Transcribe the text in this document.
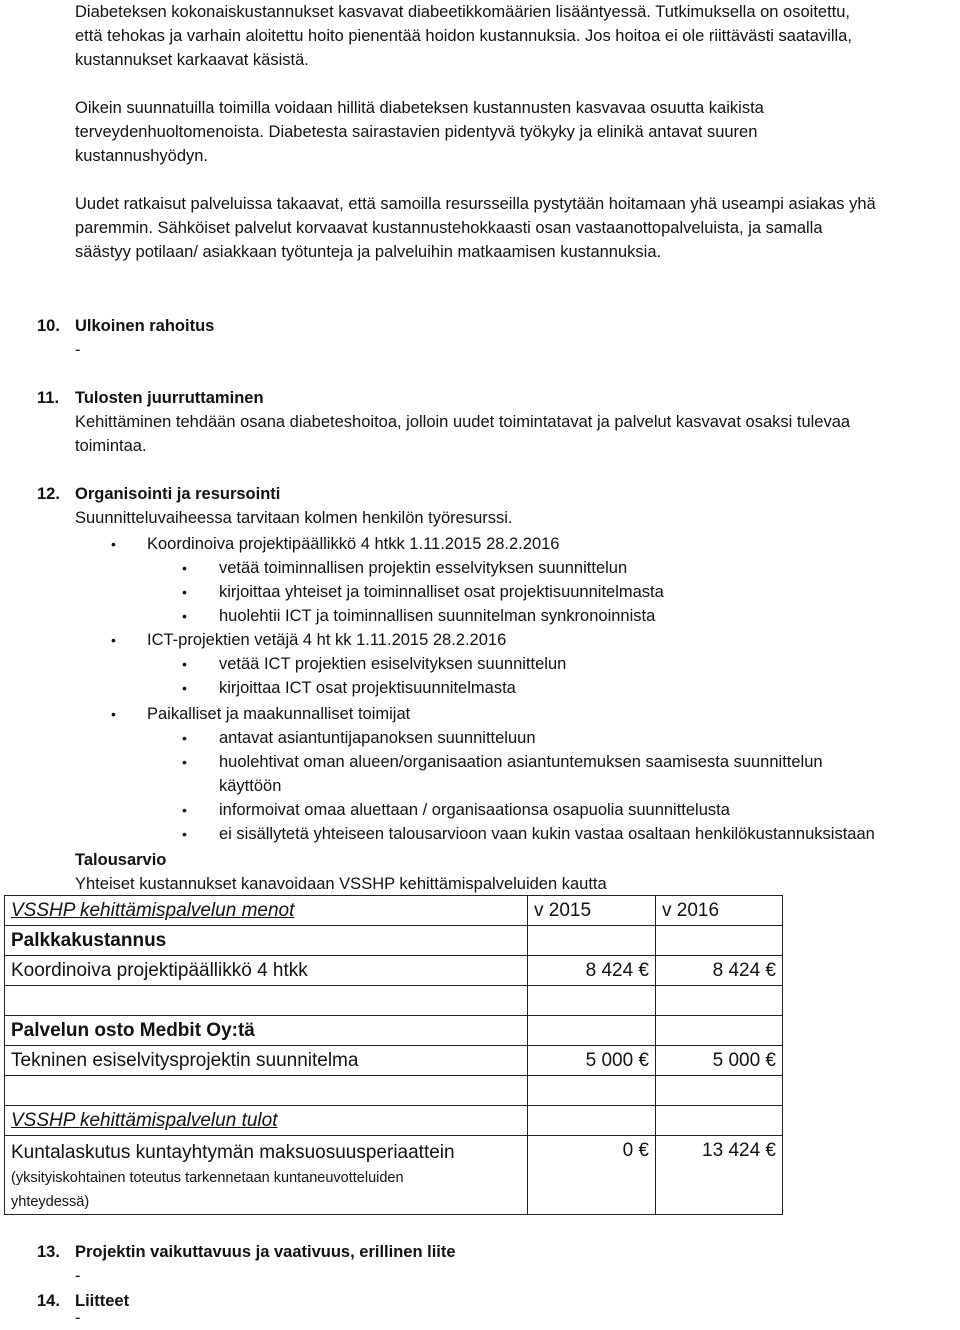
Diabeteksen kokonaiskustannukset kasvavat diabeetikkomäärien lisääntyessä. Tutkimuksella on osoitettu,
että tehokas ja varhain aloitettu hoito pienentää hoidon kustannuksia. Jos hoitoa ei ole riittävästi saatavilla,
kustannukset karkaavat käsistä.
Oikein suunnatuilla toimilla voidaan hillitä diabeteksen kustannusten kasvavaa osuutta kaikista
terveydenhuoltomenoista. Diabetesta sairastavien pidentyvä työkyky ja elinikä antavat suuren
kustannushyödyn.
Uudet ratkaisut palveluissa takaavat, että samoilla resursseilla pystytään hoitamaan yhä useampi asiakas yhä
paremmin. Sähköiset palvelut korvaavat kustannustehokkaasti osan vastaanottopalveluista, ja samalla
säästyy potilaan/ asiakkaan työtunteja ja palveluihin matkaamisen kustannuksia.
10. Ulkoinen rahoitus
-
11. Tulosten juurruttaminen
Kehittäminen tehdään osana diabeteshoitoa, jolloin uudet toimintatavat ja palvelut kasvavat osaksi tulevaa
toimintaa.
12. Organisointi ja resursointi
Suunnitteluvaiheessa tarvitaan kolmen henkilön työresurssi.
• Koordinoiva projektipäällikkö 4 htkk 1.11.2015 28.2.2016
• vetää toiminnallisen projektin esselvityksen suunnittelun
• kirjoittaa yhteiset ja toiminnalliset osat projektisuunnitelmasta
• huolehtii ICT ja toiminnallisen suunnitelman synkronoinnista
• ICT-projektien vetäjä 4 ht kk 1.11.2015 28.2.2016
• vetää ICT projektien esiselvityksen suunnittelun
• kirjoittaa ICT osat projektisuunnitelmasta
• Paikalliset ja maakunnalliset toimijat
• antavat asiantuntijapanoksen suunnitteluun
• huolehtivat oman alueen/organisaation asiantuntemuksen saamisesta suunnittelun
käyttöön
• informoivat omaa aluettaan / organisaationsa osapuolia suunnittelusta
• ei sisällytetä yhteiseen talousarvioon vaan kukin vastaa osaltaan henkilökustannuksistaan
Talousarvio
Yhteiset kustannukset kanavoidaan VSSHP kehittämispalveluiden kautta
VSSHP kehittämispalvelun menot	v 2015	v 2016
Palkkakustannus		
Koordinoiva projektipäällikkö 4 htkk	8 424 €	8 424 €

Palvelun osto Medbit Oy:tä		
Tekninen esiselvitysprojektin suunnitelma	5 000 €	5 000 €

VSSHP kehittämispalvelun tulot		

Kuntalaskutus kuntayhtymän maksuosuusperiaattein
(yksityiskohtainen toteutus tarkennetaan kuntaneuvotteluiden
yhteydessä)	0 €	13 424 €
13. Projektin vaikuttavuus ja vaativuus, erillinen liite
-
14. Liitteet
-
